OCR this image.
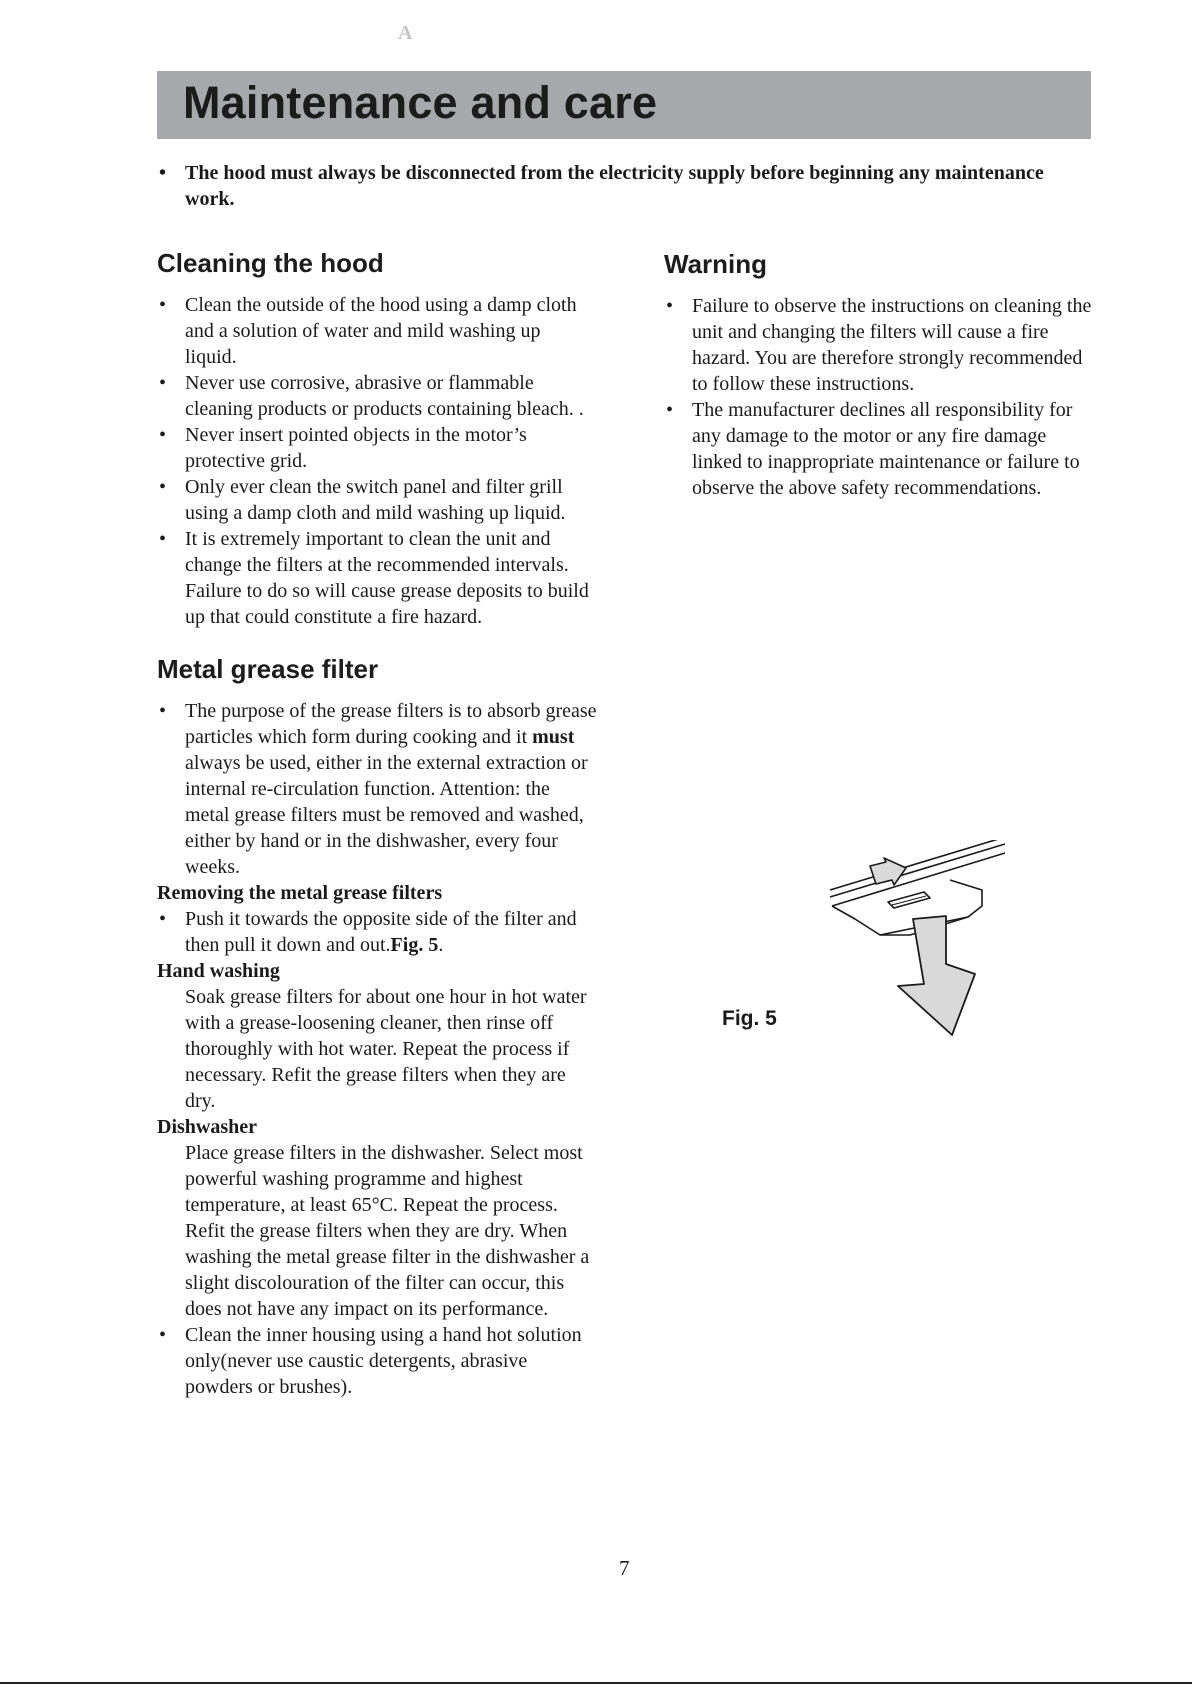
A
Maintenance and care
• The hood must always be disconnected from the electricity supply before beginning any maintenance work.
Cleaning the hood
• Clean the outside of the hood using a damp cloth and a solution of water and mild washing up liquid.
• Never use corrosive, abrasive or flammable cleaning products or products containing bleach. .
• Never insert pointed objects in the motor’s protective grid.
• Only ever clean the switch panel and filter grill using a damp cloth and mild washing up liquid.
• It is extremely important to clean the unit and change the filters at the recommended intervals. Failure to do so will cause grease deposits to build up that could constitute a fire hazard.
Metal grease filter
• The purpose of the grease filters is to absorb grease particles which form during cooking and it must always be used, either in the external extraction or internal re-circulation function. Attention: the metal grease filters must be removed and washed, either by hand or in the dishwasher, every four weeks.
Removing the metal grease filters
• Push it towards the opposite side of the filter and then pull it down and out.Fig. 5.
Hand washing
Soak grease filters for about one hour in hot water with a grease-loosening cleaner, then rinse off thoroughly with hot water. Repeat the process if necessary. Refit the grease filters when they are dry.
Dishwasher
Place grease filters in the dishwasher. Select most powerful washing programme and highest temperature, at least 65°C. Repeat the process. Refit the grease filters when they are dry. When washing the metal grease filter in the dishwasher a slight discolouration of the filter can occur, this does not have any impact on its performance.
• Clean the inner housing using a hand hot solution only(never use caustic detergents, abrasive powders or brushes).
Warning
• Failure to observe the instructions on cleaning the unit and changing the filters will cause a fire hazard. You are therefore strongly recommended to follow these instructions.
• The manufacturer declines all responsibility for any damage to the motor or any fire damage linked to inappropriate maintenance or failure to observe the above safety recommendations.
Fig. 5
7
